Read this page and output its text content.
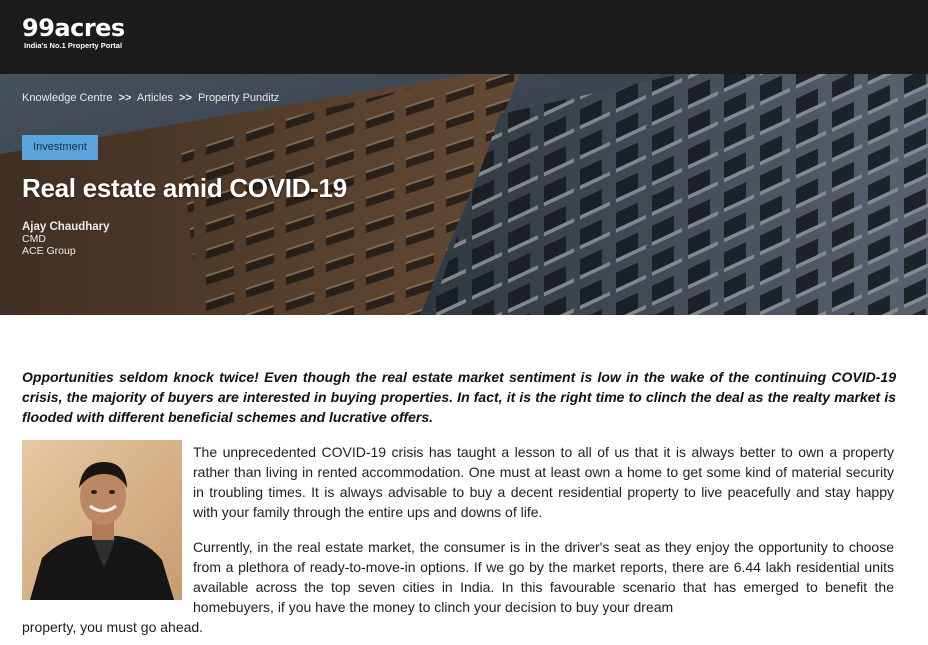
99acres
India's No.1 Property Portal
Knowledge Centre >> Articles >> Property Punditz
Investment
Real estate amid COVID-19
Ajay Chaudhary
CMD
ACE Group

Opportunities seldom knock twice! Even though the real estate market sentiment is low in the wake of the continuing COVID-19 crisis, the majority of buyers are interested in buying properties. In fact, it is the right time to clinch the deal as the realty market is flooded with different beneficial schemes and lucrative offers.

The unprecedented COVID-19 crisis has taught a lesson to all of us that it is always better to own a property rather than living in rented accommodation. One must at least own a home to get some kind of material security in troubling times. It is always advisable to buy a decent residential property to live peacefully and stay happy with your family through the entire ups and downs of life.

Currently, in the real estate market, the consumer is in the driver's seat as they enjoy the opportunity to choose from a plethora of ready-to-move-in options. If we go by the market reports, there are 6.44 lakh residential units available across the top seven cities in India. In this favourable scenario that has emerged to benefit the homebuyers, if you have the money to clinch your decision to buy your dream

property, you must go ahead.
